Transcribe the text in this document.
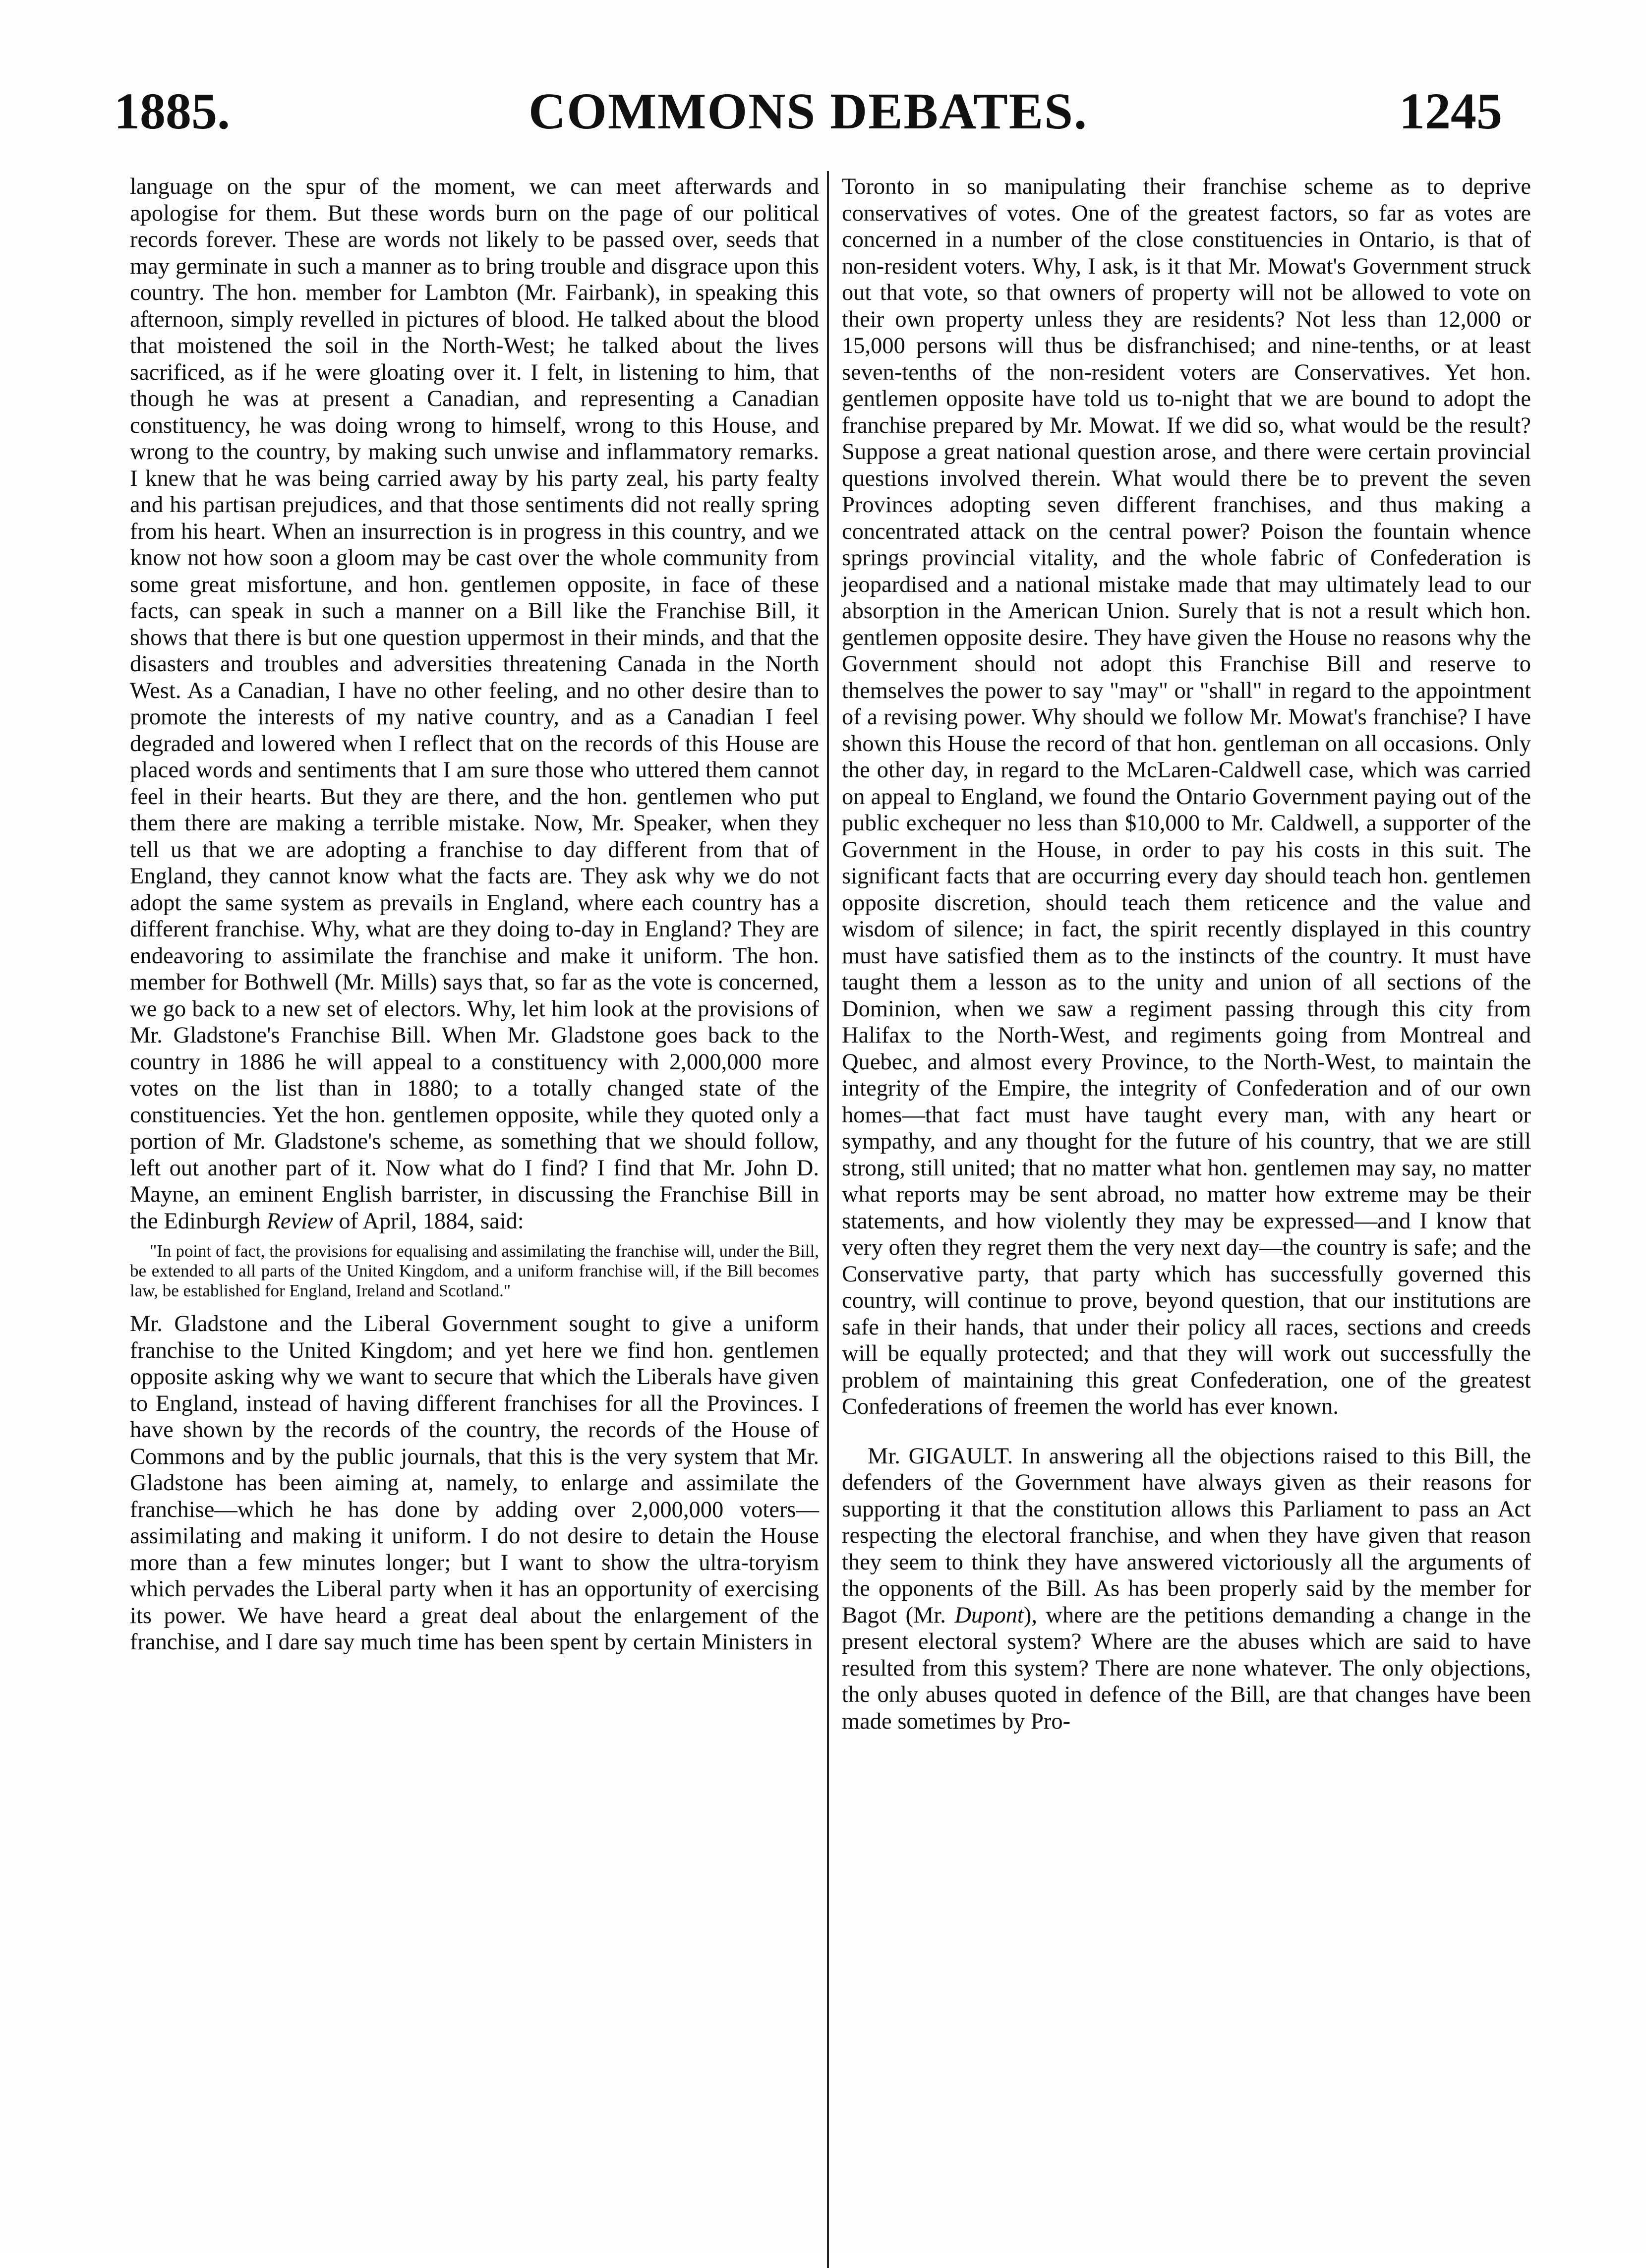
1885.	COMMONS DEBATES.	1245

language on the spur of the moment, we can meet afterwards and apologise for them. But these words burn on the page of our political records forever. These are words not likely to be passed over, seeds that may germinate in such a manner as to bring trouble and disgrace upon this country. The hon. member for Lambton (Mr. Fairbank), in speaking this afternoon, simply revelled in pictures of blood. He talked about the blood that moistened the soil in the North-West; he talked about the lives sacrificed, as if he were gloating over it. I felt, in listening to him, that though he was at present a Canadian, and representing a Canadian constituency, he was doing wrong to himself, wrong to this House, and wrong to the country, by making such unwise and inflammatory remarks. I knew that he was being carried away by his party zeal, his party fealty and his partisan prejudices, and that those sentiments did not really spring from his heart. When an insurrection is in progress in this country, and we know not how soon a gloom may be cast over the whole community from some great misfortune, and hon. gentlemen opposite, in face of these facts, can speak in such a manner on a Bill like the Franchise Bill, it shows that there is but one question uppermost in their minds, and that the disasters and troubles and adversities threatening Canada in the North West. As a Canadian, I have no other feeling, and no other desire than to promote the interests of my native country, and as a Canadian I feel degraded and lowered when I reflect that on the records of this House are placed words and sentiments that I am sure those who uttered them cannot feel in their hearts. But they are there, and the hon. gentlemen who put them there are making a terrible mistake. Now, Mr. Speaker, when they tell us that we are adopting a franchise to day different from that of England, they cannot know what the facts are. They ask why we do not adopt the same system as prevails in England, where each country has a different franchise. Why, what are they doing to-day in England? They are endeavoring to assimilate the franchise and make it uniform. The hon. member for Bothwell (Mr. Mills) says that, so far as the vote is concerned, we go back to a new set of electors. Why, let him look at the provisions of Mr. Gladstone's Franchise Bill. When Mr. Gladstone goes back to the country in 1886 he will appeal to a constituency with 2,000,000 more votes on the list than in 1880; to a totally changed state of the constituencies. Yet the hon. gentlemen opposite, while they quoted only a portion of Mr. Gladstone's scheme, as something that we should follow, left out another part of it. Now what do I find? I find that Mr. John D. Mayne, an eminent English barrister, in discussing the Franchise Bill in the Edinburgh Review of April, 1884, said:

"In point of fact, the provisions for equalising and assimilating the franchise will, under the Bill, be extended to all parts of the United Kingdom, and a uniform franchise will, if the Bill becomes law, be established for England, Ireland and Scotland."

Mr. Gladstone and the Liberal Government sought to give a uniform franchise to the United Kingdom; and yet here we find hon. gentlemen opposite asking why we want to secure that which the Liberals have given to England, instead of having different franchises for all the Provinces. I have shown by the records of the country, the records of the House of Commons and by the public journals, that this is the very system that Mr. Gladstone has been aiming at, namely, to enlarge and assimilate the franchise—which he has done by adding over 2,000,000 voters—assimilating and making it uniform. I do not desire to detain the House more than a few minutes longer; but I want to show the ultra-toryism which pervades the Liberal party when it has an opportunity of exercising its power. We have heard a great deal about the enlargement of the franchise, and I dare say much time has been spent by certain Ministers in

Toronto in so manipulating their franchise scheme as to deprive conservatives of votes. One of the greatest factors, so far as votes are concerned in a number of the close constituencies in Ontario, is that of non-resident voters. Why, I ask, is it that Mr. Mowat's Government struck out that vote, so that owners of property will not be allowed to vote on their own property unless they are residents? Not less than 12,000 or 15,000 persons will thus be disfranchised; and nine-tenths, or at least seven-tenths of the non-resident voters are Conservatives. Yet hon. gentlemen opposite have told us to-night that we are bound to adopt the franchise prepared by Mr. Mowat. If we did so, what would be the result? Suppose a great national question arose, and there were certain provincial questions involved therein. What would there be to prevent the seven Provinces adopting seven different franchises, and thus making a concentrated attack on the central power? Poison the fountain whence springs provincial vitality, and the whole fabric of Confederation is jeopardised and a national mistake made that may ultimately lead to our absorption in the American Union. Surely that is not a result which hon. gentlemen opposite desire. They have given the House no reasons why the Government should not adopt this Franchise Bill and reserve to themselves the power to say "may" or "shall" in regard to the appointment of a revising power. Why should we follow Mr. Mowat's franchise? I have shown this House the record of that hon. gentleman on all occasions. Only the other day, in regard to the McLaren-Caldwell case, which was carried on appeal to England, we found the Ontario Government paying out of the public exchequer no less than $10,000 to Mr. Caldwell, a supporter of the Government in the House, in order to pay his costs in this suit. The significant facts that are occurring every day should teach hon. gentlemen opposite discretion, should teach them reticence and the value and wisdom of silence; in fact, the spirit recently displayed in this country must have satisfied them as to the instincts of the country. It must have taught them a lesson as to the unity and union of all sections of the Dominion, when we saw a regiment passing through this city from Halifax to the North-West, and regiments going from Montreal and Quebec, and almost every Province, to the North-West, to maintain the integrity of the Empire, the integrity of Confederation and of our own homes—that fact must have taught every man, with any heart or sympathy, and any thought for the future of his country, that we are still strong, still united; that no matter what hon. gentlemen may say, no matter what reports may be sent abroad, no matter how extreme may be their statements, and how violently they may be expressed—and I know that very often they regret them the very next day—the country is safe; and the Conservative party, that party which has successfully governed this country, will continue to prove, beyond question, that our institutions are safe in their hands, that under their policy all races, sections and creeds will be equally protected; and that they will work out successfully the problem of maintaining this great Confederation, one of the greatest Confederations of freemen the world has ever known.

Mr. GIGAULT. In answering all the objections raised to this Bill, the defenders of the Government have always given as their reasons for supporting it that the constitution allows this Parliament to pass an Act respecting the electoral franchise, and when they have given that reason they seem to think they have answered victoriously all the arguments of the opponents of the Bill. As has been properly said by the member for Bagot (Mr. Dupont), where are the petitions demanding a change in the present electoral system? Where are the abuses which are said to have resulted from this system? There are none whatever. The only objections, the only abuses quoted in defence of the Bill, are that changes have been made sometimes by Pro-
